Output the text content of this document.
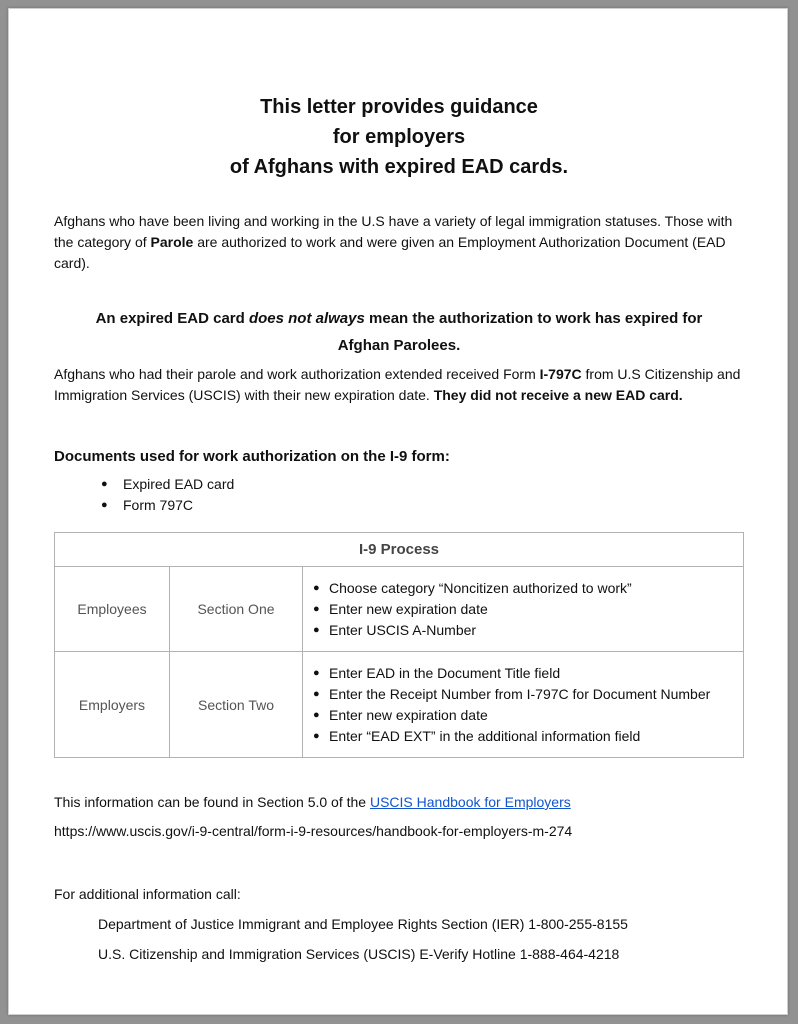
This letter provides guidance
for employers
of Afghans with expired EAD cards.

Afghans who have been living and working in the U.S have a variety of legal immigration statuses. Those with the category of Parole are authorized to work and were given an Employment Authorization Document (EAD card).

An expired EAD card does not always mean the authorization to work has expired for Afghan Parolees.

Afghans who had their parole and work authorization extended received Form I-797C from U.S Citizenship and Immigration Services (USCIS) with their new expiration date. They did not receive a new EAD card.

Documents used for work authorization on the I-9 form:
●	Expired EAD card
●	Form 797C
I-9 Process
Employees	Section One
● Choose category “Noncitizen authorized to work”
● Enter new expiration date
● Enter USCIS A-Number
Employers	Section Two
● Enter EAD in the Document Title field
● Enter the Receipt Number from I-797C for Document Number
● Enter new expiration date
● Enter “EAD EXT” in the additional information field

This information can be found in Section 5.0 of the USCIS Handbook for Employers

https://www.uscis.gov/i-9-central/form-i-9-resources/handbook-for-employers-m-274

For additional information call:

Department of Justice Immigrant and Employee Rights Section (IER) 1-800-255-8155

U.S. Citizenship and Immigration Services (USCIS) E-Verify Hotline 1-888-464-4218
